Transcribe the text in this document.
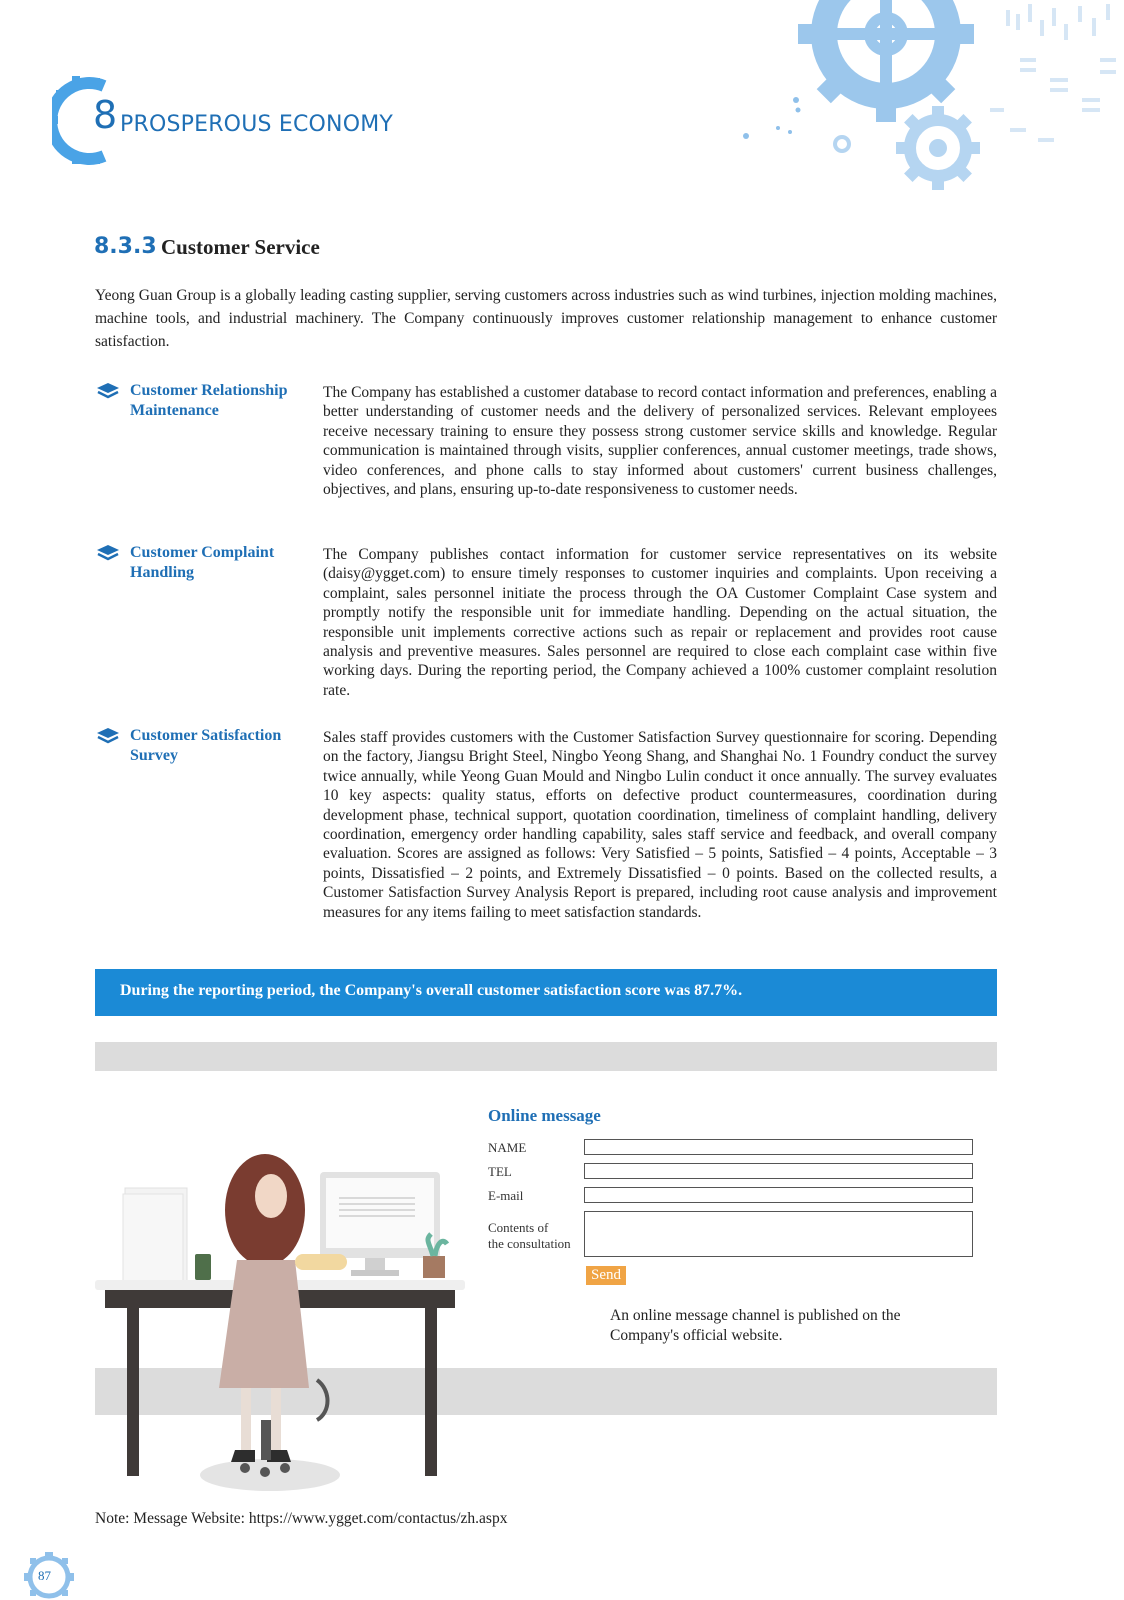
8 PROSPEROUS ECONOMY
8.3.3 Customer Service
Yeong Guan Group is a globally leading casting supplier, serving customers across industries such as wind turbines, injection molding machines, machine tools, and industrial machinery. The Company continuously improves customer relationship management to enhance customer satisfaction.
Customer Relationship
Maintenance
The Company has established a customer database to record contact information and preferences, enabling a better understanding of customer needs and the delivery of personalized services. Relevant employees receive necessary training to ensure they possess strong customer service skills and knowledge. Regular communication is maintained through visits, supplier conferences, annual customer meetings, trade shows, video conferences, and phone calls to stay informed about customers' current business challenges, objectives, and plans, ensuring up-to-date responsiveness to customer needs.
Customer Complaint
Handling
The Company publishes contact information for customer service representatives on its website (daisy@ygget.com) to ensure timely responses to customer inquiries and complaints. Upon receiving a complaint, sales personnel initiate the process through the OA Customer Complaint Case system and promptly notify the responsible unit for immediate handling. Depending on the actual situation, the responsible unit implements corrective actions such as repair or replacement and provides root cause analysis and preventive measures. Sales personnel are required to close each complaint case within five working days. During the reporting period, the Company achieved a 100% customer complaint resolution rate.
Customer Satisfaction
Survey
Sales staff provides customers with the Customer Satisfaction Survey questionnaire for scoring. Depending on the factory, Jiangsu Bright Steel, Ningbo Yeong Shang, and Shanghai No. 1 Foundry conduct the survey twice annually, while Yeong Guan Mould and Ningbo Lulin conduct it once annually. The survey evaluates 10 key aspects: quality status, efforts on defective product countermeasures, coordination during development phase, technical support, quotation coordination, timeliness of complaint handling, delivery coordination, emergency order handling capability, sales staff service and feedback, and overall company evaluation. Scores are assigned as follows: Very Satisfied – 5 points, Satisfied – 4 points, Acceptable – 3 points, Dissatisfied – 2 points, and Extremely Dissatisfied – 0 points. Based on the collected results, a Customer Satisfaction Survey Analysis Report is prepared, including root cause analysis and improvement measures for any items failing to meet satisfaction standards.
During the reporting period, the Company's overall customer satisfaction score was 87.7%.
Online message
NAME
TEL
E-mail
Contents of
the consultation
Send
An online message channel is published on the Company's official website.
Note: Message Website: https://www.ygget.com/contactus/zh.aspx
87
